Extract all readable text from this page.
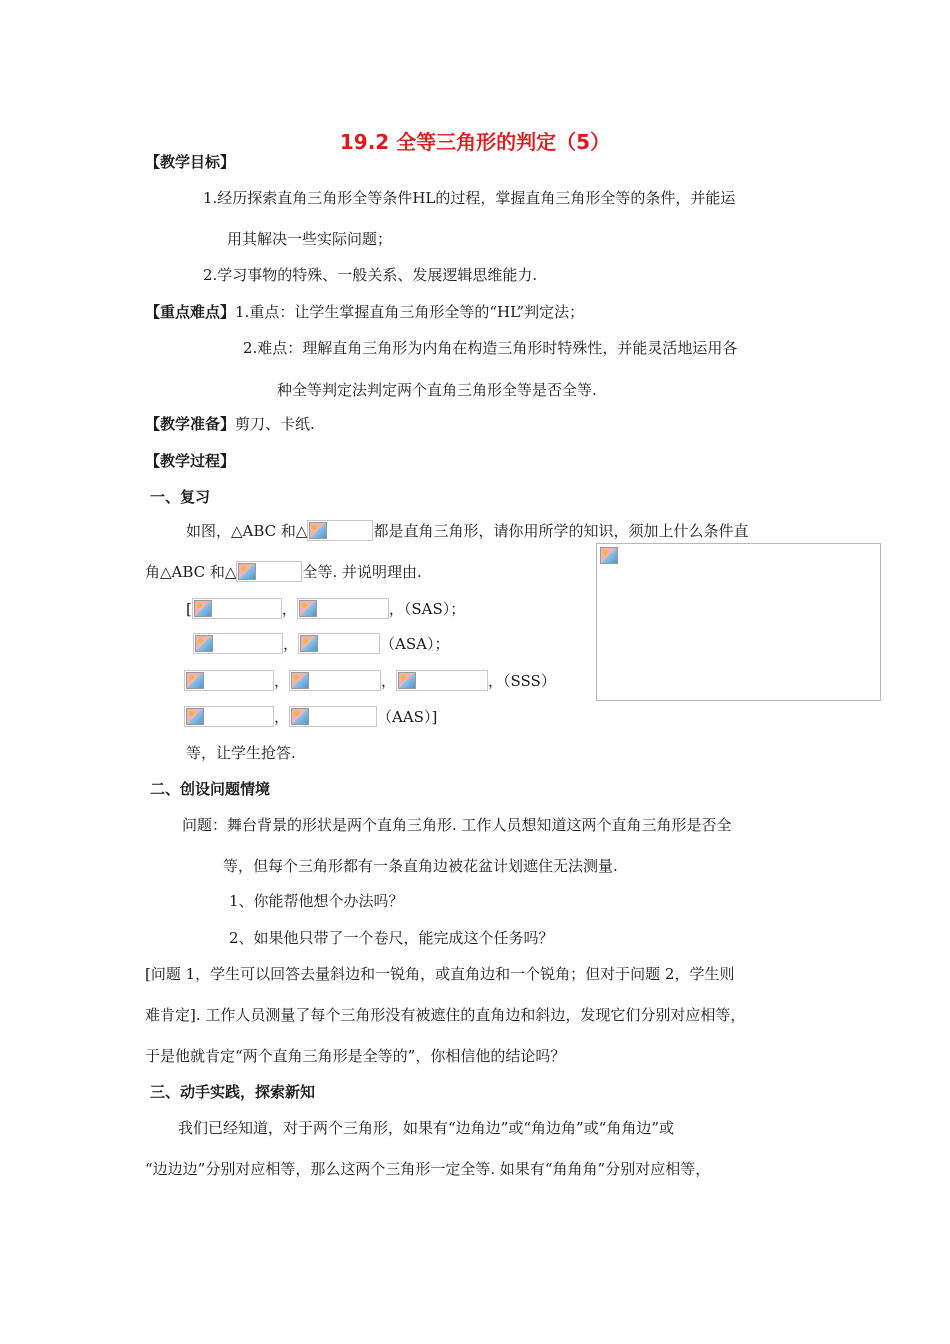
19.2 全等三角形的判定（5）
【教学目标】
1.经历探索直角三角形全等条件HL的过程，掌握直角三角形全等的条件，并能运
用其解决一些实际问题；
2.学习事物的特殊、一般关系、发展逻辑思维能力.
【重点难点】1.重点：让学生掌握直角三角形全等的“HL”判定法；
2.难点：理解直角三角形为内角在构造三角形时特殊性，并能灵活地运用各
种全等判定法判定两个直角三角形全等是否全等.
【教学准备】剪刀、卡纸.
【教学过程】
一、复习
如图，△ABC 和△	都是直角三角形，请你用所学的知识，须加上什么条件直
角△ABC 和△	全等. 并说明理由.
[	，	，（SAS）；
，	（ASA）；
，	，	，（SSS）
，	（AAS）]
等，让学生抢答.
二、创设问题情境
问题：舞台背景的形状是两个直角三角形. 工作人员想知道这两个直角三角形是否全
等，但每个三角形都有一条直角边被花盆计划遮住无法测量.
1、你能帮他想个办法吗？
2、如果他只带了一个卷尺，能完成这个任务吗？
[问题 1，学生可以回答去量斜边和一锐角，或直角边和一个锐角；但对于问题 2，学生则
难肯定]. 工作人员测量了每个三角形没有被遮住的直角边和斜边，发现它们分别对应相等，
于是他就肯定“两个直角三角形是全等的”，你相信他的结论吗？
三、动手实践，探索新知
我们已经知道，对于两个三角形，如果有“边角边”或“角边角”或“角角边”或
“边边边”分别对应相等，那么这两个三角形一定全等. 如果有“角角角”分别对应相等，
